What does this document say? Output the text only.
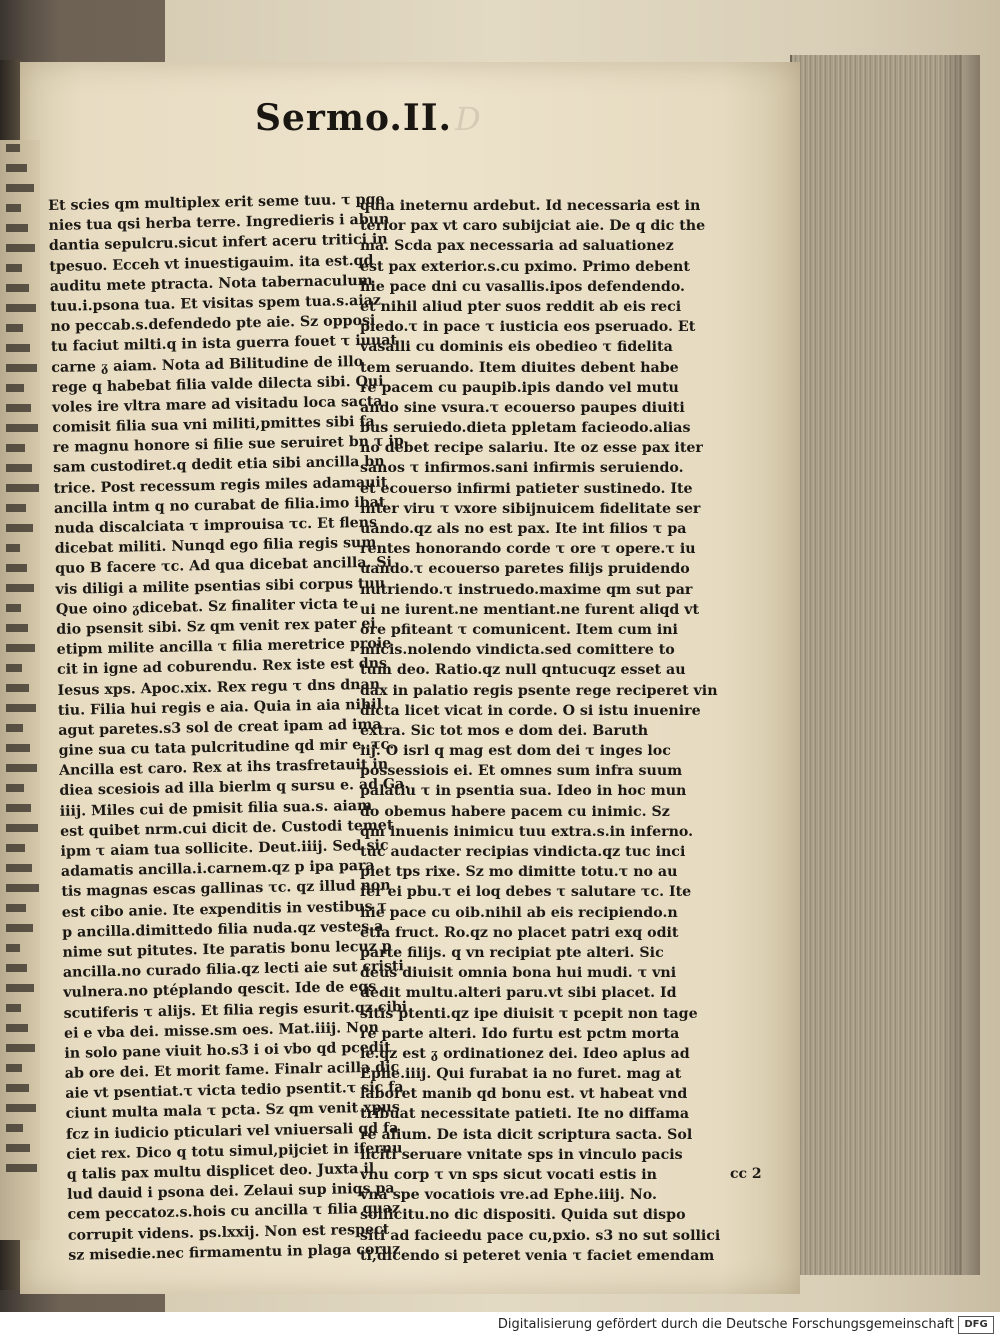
Sermo.II. D
Et scies qm multiplex erit seme tuu. τ pge
nies tua qsi herba terre. Ingredieris i abun
dantia sepulcru.sicut infert aceru tritici in
tpesuo. Ecceh vt inuestigauim. ita est.qd
auditu mete ptracta. Nota tabernaculum
tuu.i.psona tua. Et visitas spem tua.s.aiaz
no peccab.s.defendedo pte aie. Sz opposi
tu faciut milti.q in ista guerra fouet τ iuuat
carne ᵹ aiam. Nota ad Bilitudine de illo
rege q habebat filia valde dilecta sibi. Qui
voles ire vltra mare ad visitadu loca sacta
comisit filia sua vni militi,pmittes sibi fa
re magnu honore si filie sue seruiret bn τ ip
sam custodiret.q dedit etia sibi ancilla bn
trice. Post recessum regis miles adamauit
ancilla intm q no curabat de filia.imo ibat
nuda discalciata τ improuisa τc. Et flens
dicebat militi. Nunqd ego filia regis sum
quo B facere τc. Ad qua dicebat ancilla. Si
vis diligi a milite psentias sibi corpus tuu
Que oino ᵹdicebat. Sz finaliter victa te
dio psensit sibi. Sz qm venit rex pater ei
etipm milite ancilla τ filia meretrice proie
cit in igne ad coburendu. Rex iste est dns
Iesus xps. Apoc.xix. Rex regu τ dns dnan
tiu. Filia hui regis e aia. Quia in aia nihil
agut paretes.s3 sol de creat ipam ad ima
gine sua cu tata pulcritudine qd mir e. τc.
Ancilla est caro. Rex at ihs trasfretauit in
diea scesiois ad illa bierlm q sursu e. ad Ga.
iiij. Miles cui de pmisit filia sua.s. aiam
est quibet nrm.cui dicit de. Custodi temet
ipm τ aiam tua sollicite. Deut.iiij. Sed sic
adamatis ancilla.i.carnem.qz p ipa para
tis magnas escas gallinas τc. qz illud non
est cibo anie. Ite expenditis in vestibus τ
p ancilla.dimittedo filia nuda.qz vestes a
nime sut pitutes. Ite paratis bonu lecuz p
ancilla.no curado filia.qz lecti aie sut cristi
vulnera.no ptéplando qescit. Ide de eqs
scutiferis τ alijs. Et filia regis esurit.qz cibi
ei e vba dei. misse.sm oes. Mat.iiij. Non
in solo pane viuit ho.s3 i oi vbo qd pcedit
ab ore dei. Et morit fame. Finalr acilla dic
aie vt psentiat.τ victa tedio psentit.τ sic fa
ciunt multa mala τ pcta. Sz qm venit xpus
fcz in iudicio pticulari vel vniuersali qd fa
ciet rex. Dico q totu simul,pijciet in ifernu
q talis pax multu displicet deo. Juxta il
lud dauid i psona dei. Zelaui sup iniqs pa
cem peccatoz.s.hois cu ancilla τ filia quaz
corrupit videns. ps.lxxij. Non est respect
sz misedie.nec firmamentu in plaga coruz
quia ineternu ardebut. Id necessaria est in
terior pax vt caro subijciat aie. De q dic the
ma. Scda pax necessaria ad saluationez
est pax exterior.s.cu pximo. Primo debent
hie pace dni cu vasallis.ipos defendendo.
et nihil aliud pter suos reddit ab eis reci
piedo.τ in pace τ iusticia eos pseruado. Et
vasalli cu dominis eis obedieo τ fidelita
tem seruando. Item diuites debent habe
re pacem cu paupib.ipis dando vel mutu
ando sine vsura.τ ecouerso paupes diuiti
bus seruiedo.dieta ppletam facieodo.alias
no debet recipe salariu. Ite oz esse pax iter
sanos τ infirmos.sani infirmis seruiendo.
et ecouerso infirmi patieter sustinedo. Ite
inter viru τ vxore sibijnuicem fidelitate ser
uando.qz als no est pax. Ite int filios τ pa
rentes honorando corde τ ore τ opere.τ iu
uando.τ ecouerso paretes filijs pruidendo
nutriendo.τ instruedo.maxime qm sut par
ui ne iurent.ne mentiant.ne furent aliqd vt
ore pfiteant τ comunicent. Item cum ini
micis.nolendo vindicta.sed comittere to
tum deo. Ratio.qz null qntucuqz esset au
dax in palatio regis psente rege reciperet vin
dicta licet vicat in corde. O si istu inuenire
extra. Sic tot mos e dom dei. Baruth
iij. O isrl q mag est dom dei τ inges loc
possessiois ei. Et omnes sum infra suum
palatiu τ in psentia sua. Ideo in hoc mun
do obemus habere pacem cu inimic. Sz
qm inuenis inimicu tuu extra.s.in inferno.
tuc audacter recipias vindicta.qz tuc inci
piet tps rixe. Sz mo dimitte totu.τ no au
fer ei pbu.τ ei loq debes τ salutare τc. Ite
hie pace cu oib.nihil ab eis recipiendo.n
etia fruct. Ro.qz no placet patri exq odit
parte filijs. q vn recipiat pte alteri. Sic
deus diuisit omnia bona hui mudi. τ vni
dedit multu.alteri paru.vt sibi placet. Id
sitis ptenti.qz ipe diuisit τ pcepit non tage
re parte alteri. Ido furtu est pctm morta
le.qz est ᵹ ordinationez dei. Ideo aplus ad
Ephe.iiij. Qui furabat ia no furet. mag at
laboret manib qd bonu est. vt habeat vnd
tribuat necessitate patieti. Ite no diffama
re alium. De ista dicit scriptura sacta. Sol
liciti seruare vnitate sps in vinculo pacis
vnu corp τ vn sps sicut vocati estis in
vna spe vocatiois vre.ad Ephe.iiij. No.
sollicitu.no dic dispositi. Quida sut dispo
siti ad facieedu pace cu,pxio. s3 no sut sollici
ti,dicendo si peteret venia τ faciet emendam
cc 2
Digitalisierung gefördert durch die Deutsche Forschungsgemeinschaft	DFG
